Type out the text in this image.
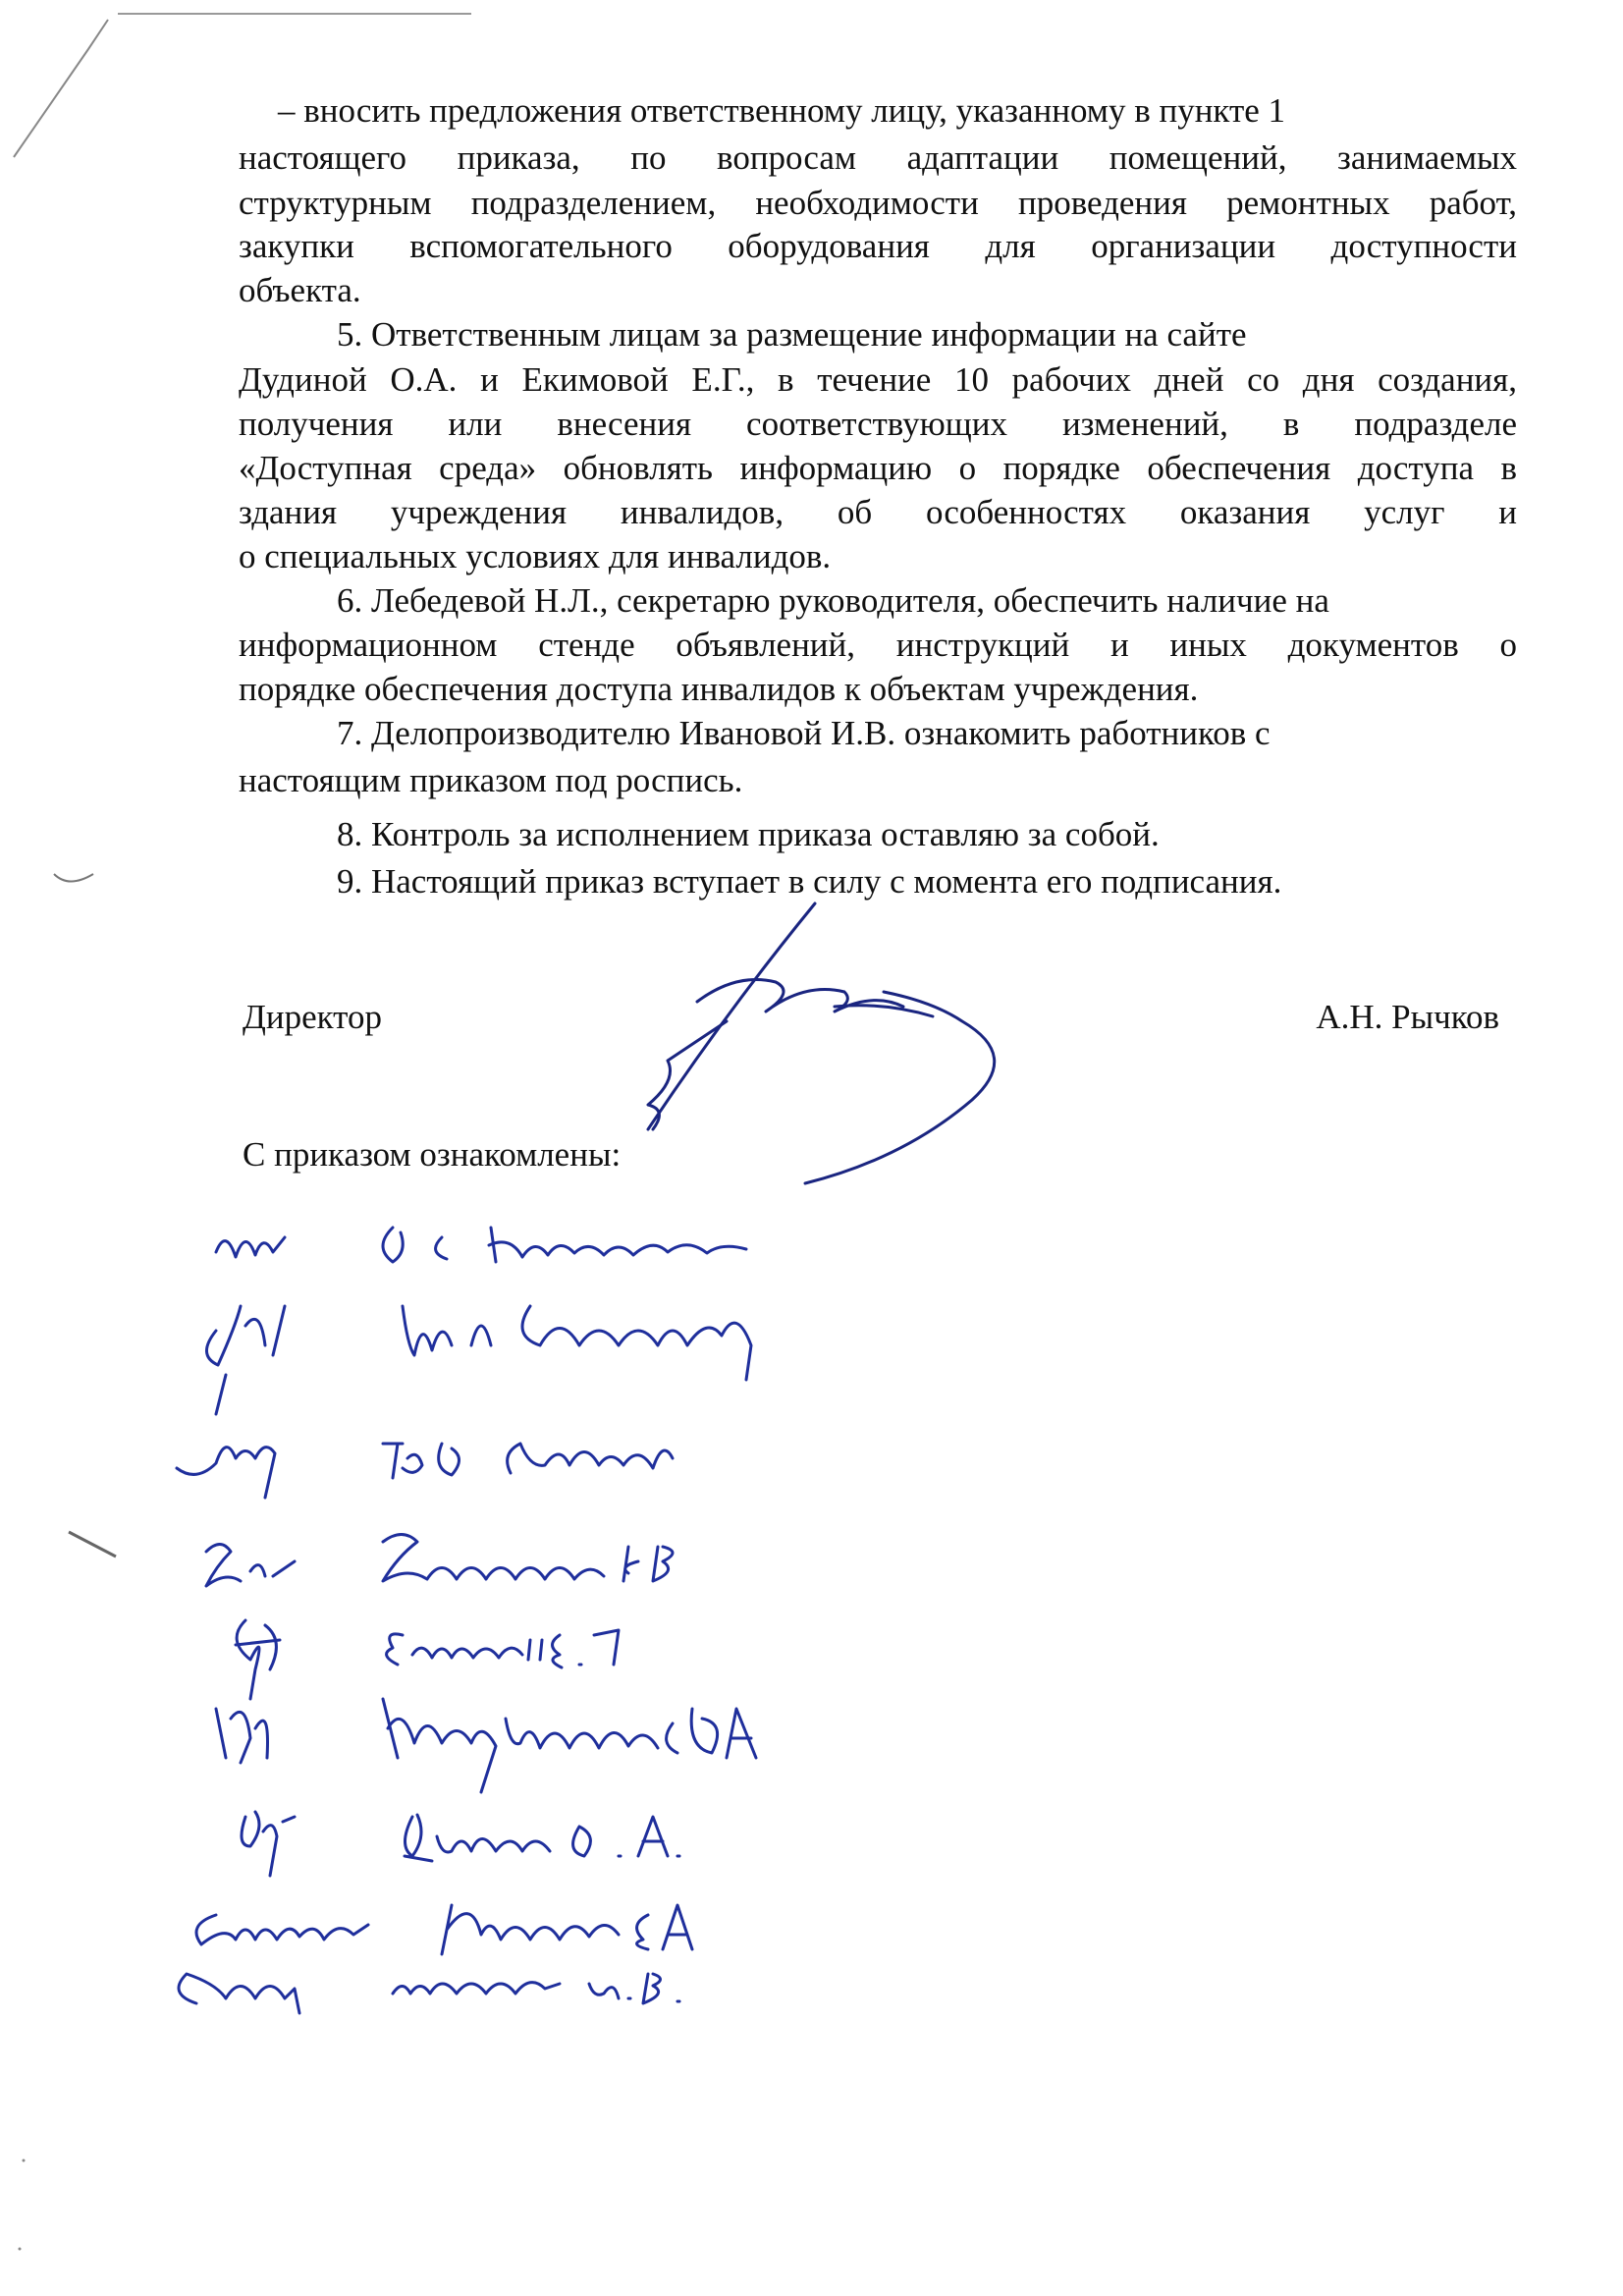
– вносить предложения ответственному лицу, указанному в пункте 1
настоящего приказа, по вопросам адаптации помещений, занимаемых
структурным подразделением, необходимости проведения ремонтных работ,
закупки вспомогательного оборудования для организации доступности
объекта.
5. Ответственным лицам за размещение информации на сайте
Дудиной О.А. и Екимовой Е.Г., в течение 10 рабочих дней со дня создания,
получения или внесения соответствующих изменений, в подразделе
«Доступная среда» обновлять информацию о порядке обеспечения доступа в
здания учреждения инвалидов, об особенностях оказания услуг и
о специальных условиях для инвалидов.
6. Лебедевой Н.Л., секретарю руководителя, обеспечить наличие на
информационном стенде объявлений, инструкций и иных документов о
порядке обеспечения доступа инвалидов к объектам учреждения.
7. Делопроизводителю Ивановой И.В. ознакомить работников с
настоящим приказом под роспись.
8. Контроль за исполнением приказа оставляю за собой.
9. Настоящий приказ вступает в силу с момента его подписания.
Директор	А.Н. Рычков
С приказом ознакомлены:
